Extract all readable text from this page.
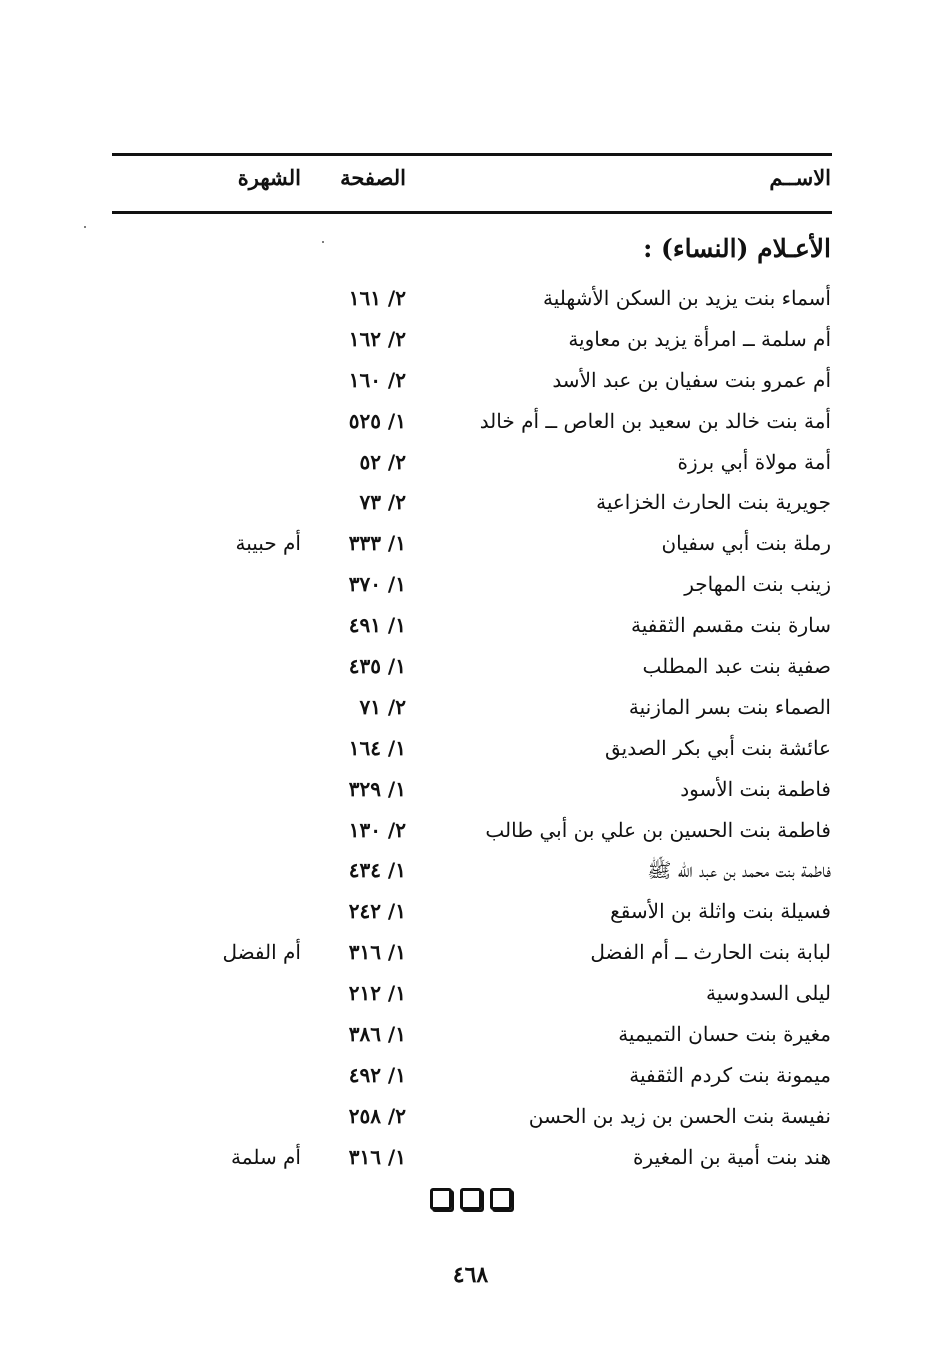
الاســم
الصفحة
الشهرة
الأعـلام (النساء) :
أسماء بنت يزيد بن السكن الأشهلية
٢/ ١٦١
أم سلمة ــ امرأة يزيد بن معاوية
٢/ ١٦٢
أم عمرو بنت سفيان بن عبد الأسد
٢/ ١٦٠
أمة بنت خالد بن سعيد بن العاص ــ أم خالد
١/ ٥٢٥
أمة مولاة أبي برزة
٢/ ٥٢
جويرية بنت الحارث الخزاعية
٢/ ٧٣
رملة بنت أبي سفيان
١/ ٣٣٣
أم حبيبة
زينب بنت المهاجر
١/ ٣٧٠
سارة بنت مقسم الثقفية
١/ ٤٩١
صفية بنت عبد المطلب
١/ ٤٣٥
الصماء بنت بسر المازنية
٢/ ٧١
عائشة بنت أبي بكر الصديق
١/ ١٦٤
فاطمة بنت الأسود
١/ ٣٢٩
فاطمة بنت الحسين بن علي بن أبي طالب
٢/ ١٣٠
فاطمة بنت محمد بن عبد الله ﷺ
١/ ٤٣٤
فسيلة بنت واثلة بن الأسقع
١/ ٢٤٢
لبابة بنت الحارث ــ أم الفضل
١/ ٣١٦
أم الفضل
ليلى السدوسية
١/ ٢١٢
مغيرة بنت حسان التميمية
١/ ٣٨٦
ميمونة بنت كردم الثقفية
١/ ٤٩٢
نفيسة بنت الحسن بن زيد بن الحسن
٢/ ٢٥٨
هند بنت أمية بن المغيرة
١/ ٣١٦
أم سلمة
٤٦٨
